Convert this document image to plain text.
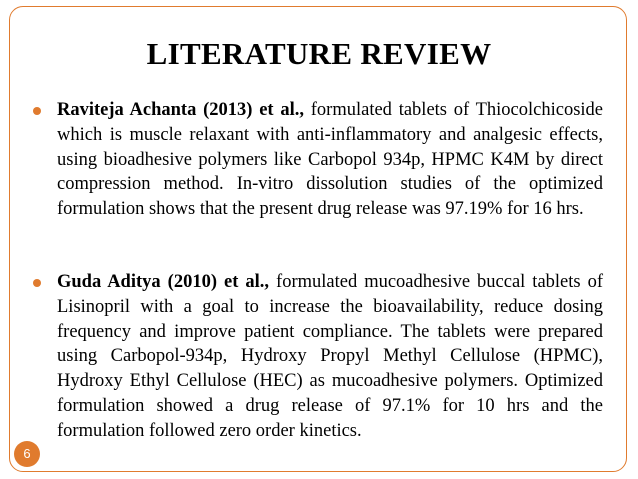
LITERATURE REVIEW
Raviteja Achanta (2013) et al., formulated tablets of Thiocolchicoside which is muscle relaxant with anti-inflammatory and analgesic effects, using bioadhesive polymers like Carbopol 934p, HPMC K4M by direct compression method. In-vitro dissolution studies of the optimized formulation shows that the present drug release was 97.19% for 16 hrs.
Guda Aditya (2010) et al., formulated mucoadhesive buccal tablets of Lisinopril with a goal to increase the bioavailability, reduce dosing frequency and improve patient compliance. The tablets were prepared using Carbopol-934p, Hydroxy Propyl Methyl Cellulose (HPMC), Hydroxy Ethyl Cellulose (HEC) as mucoadhesive polymers. Optimized formulation showed a drug release of 97.1% for 10 hrs and the formulation followed zero order kinetics.
6
